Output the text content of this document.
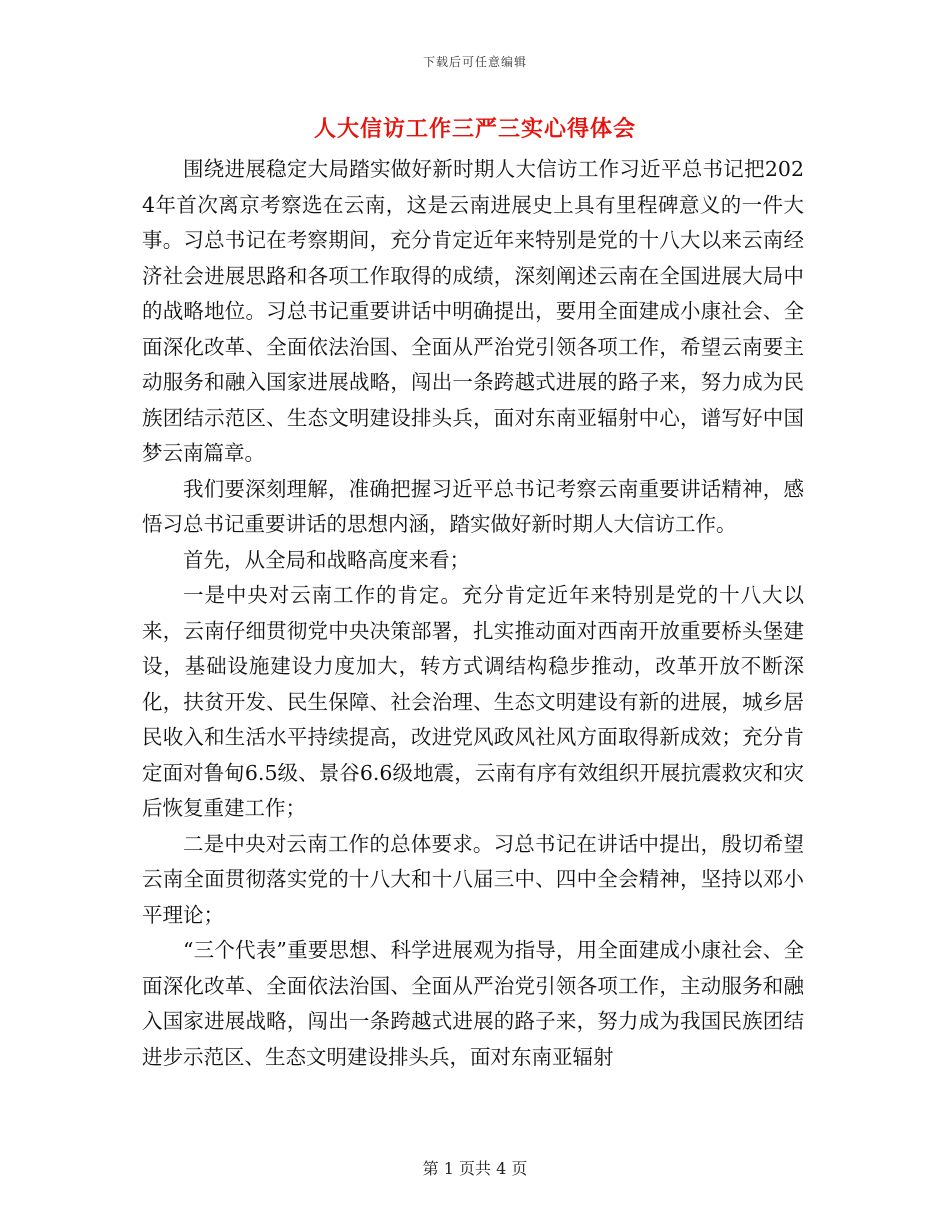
下载后可任意编辑
人大信访工作三严三实心得体会

围绕进展稳定大局踏实做好新时期人大信访工作习近平总书记把2024年首次离京考察选在云南，这是云南进展史上具有里程碑意义的一件大事。习总书记在考察期间，充分肯定近年来特别是党的十八大以来云南经济社会进展思路和各项工作取得的成绩，深刻阐述云南在全国进展大局中的战略地位。习总书记重要讲话中明确提出，要用全面建成小康社会、全面深化改革、全面依法治国、全面从严治党引领各项工作，希望云南要主动服务和融入国家进展战略，闯出一条跨越式进展的路子来，努力成为民族团结示范区、生态文明建设排头兵，面对东南亚辐射中心，谱写好中国梦云南篇章。

我们要深刻理解，准确把握习近平总书记考察云南重要讲话精神，感悟习总书记重要讲话的思想内涵，踏实做好新时期人大信访工作。

首先，从全局和战略高度来看；

一是中央对云南工作的肯定。充分肯定近年来特别是党的十八大以来，云南仔细贯彻党中央决策部署，扎实推动面对西南开放重要桥头堡建设，基础设施建设力度加大，转方式调结构稳步推动，改革开放不断深化，扶贫开发、民生保障、社会治理、生态文明建设有新的进展，城乡居民收入和生活水平持续提高，改进党风政风社风方面取得新成效；充分肯定面对鲁甸6.5级、景谷6.6级地震，云南有序有效组织开展抗震救灾和灾后恢复重建工作；

二是中央对云南工作的总体要求。习总书记在讲话中提出，殷切希望云南全面贯彻落实党的十八大和十八届三中、四中全会精神，坚持以邓小平理论；

“三个代表”重要思想、科学进展观为指导，用全面建成小康社会、全面深化改革、全面依法治国、全面从严治党引领各项工作，主动服务和融入国家进展战略，闯出一条跨越式进展的路子来，努力成为我国民族团结进步示范区、生态文明建设排头兵，面对东南亚辐射

第 1 页共 4 页
